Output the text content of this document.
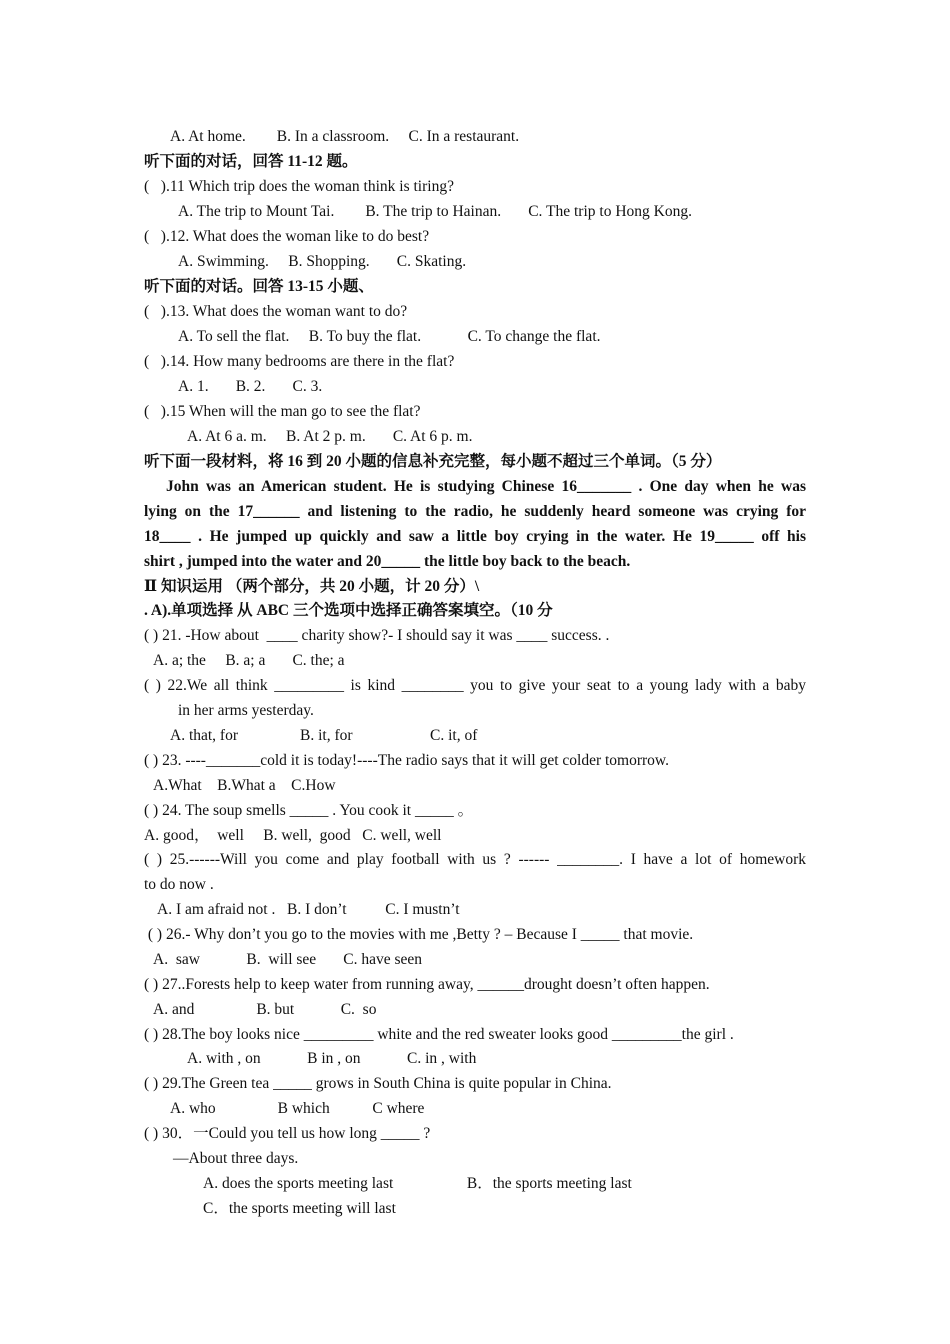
A. At home.        B. In a classroom.     C. In a restaurant.
听下面的对话，回答 11-12 题。
(   ).11 Which trip does the woman think is tiring?
A. The trip to Mount Tai.        B. The trip to Hainan.       C. The trip to Hong Kong.
(   ).12. What does the woman like to do best?
A. Swimming.     B. Shopping.       C. Skating.
听下面的对话。回答 13-15 小题、
(   ).13. What does the woman want to do?
A. To sell the flat.     B. To buy the flat.            C. To change the flat.
(   ).14. How many bedrooms are there in the flat?
A. 1.       B. 2.       C. 3.
(   ).15 When will the man go to see the flat?
A. At 6 a. m.     B. At 2 p. m.       C. At 6 p. m.
听下面一段材料，将 16 到 20 小题的信息补充完整，每小题不超过三个单词。（5 分）
John was an American student. He is studying Chinese 16_______ . One day when he was
lying on the 17______ and listening to the radio, he suddenly heard someone was crying for
18____ . He jumped up quickly and saw a little boy crying in the water. He 19_____ off his
shirt , jumped into the water and 20_____ the little boy back to the beach.
Ⅱ 知识运用 （两个部分，共 20 小题，计 20 分）\
. A).单项选择 从 ABC 三个选项中选择正确答案填空。（10 分
( ) 21. -How about  ____ charity show?- I should say it was ____ success. .
A. a; the     B. a; a       C. the; a
( ) 22.We all think _________ is kind ________ you to give your seat to a young lady with a baby
in her arms yesterday.
A. that, for                B. it, for                    C. it, of
( ) 23. ----_______cold it is today!----The radio says that it will get colder tomorrow.
A.What    B.What a    C.How
( ) 24. The soup smells _____ . You cook it _____ 。
A. good，  well     B. well,  good   C. well, well
( ) 25.------Will you come and play football with us ? ------ ________. I have a lot of homework
to do now .
A. I am afraid not .   B. I don’t          C. I mustn’t
( ) 26.- Why don’t you go to the movies with me ,Betty ? – Because I _____ that movie.
A.  saw            B.  will see       C. have seen
( ) 27..Forests help to keep water from running away, ______drought doesn’t often happen.
A. and                B. but            C.  so
( ) 28.The boy looks nice _________ white and the red sweater looks good _________the girl .
A. with , on            B in , on            C. in , with
( ) 29.The Green tea _____ grows in South China is quite popular in China.
A. who                B which           C where
( ) 30．一Could you tell us how long _____ ?
—About three days.
A. does the sports meeting last                   B．the sports meeting last
C．the sports meeting will last
